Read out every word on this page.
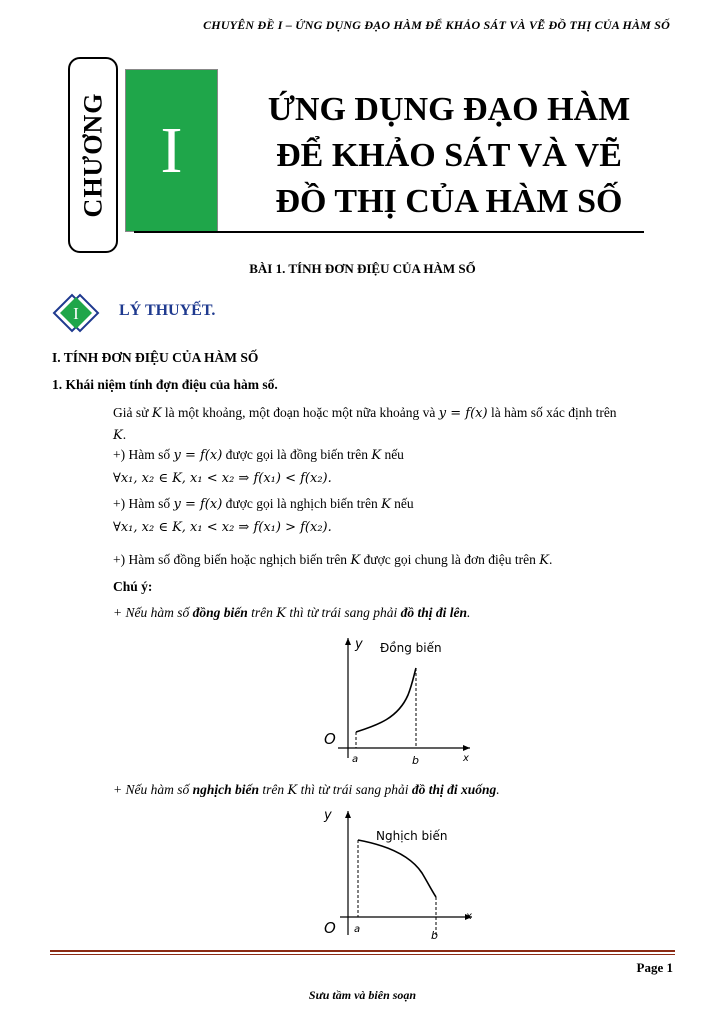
CHUYÊN ĐỀ I – ỨNG DỤNG ĐẠO HÀM ĐỂ KHẢO SÁT VÀ VẼ ĐỒ THỊ CỦA HÀM SỐ
CHƯƠNG I
ỨNG DỤNG ĐẠO HÀM
ĐỂ KHẢO SÁT VÀ VẼ
ĐỒ THỊ CỦA HÀM SỐ
BÀI 1. TÍNH ĐƠN ĐIỆU CỦA HÀM SỐ
I	LÝ THUYẾT.
I. TÍNH ĐƠN ĐIỆU CỦA HÀM SỐ
1. Khái niệm tính đợn điệu của hàm số.
Giả sử K là một khoảng, một đoạn hoặc một nữa khoảng và y = f(x) là hàm số xác định trên
K.
+) Hàm số y = f(x) được gọi là đồng biến trên K nếu
∀x₁, x₂ ∈ K, x₁ < x₂ ⇒ f(x₁) < f(x₂).
+) Hàm số y = f(x) được gọi là nghịch biến trên K nếu
∀x₁, x₂ ∈ K, x₁ < x₂ ⇒ f(x₁) > f(x₂).
+) Hàm số đồng biến hoặc nghịch biến trên K được gọi chung là đơn điệu trên K.
Chú ý:
+ Nếu hàm số đồng biến trên K thì từ trái sang phải đồ thị đi lên.
y Đồng biến
x
O
a	b
+ Nếu hàm số nghịch biến trên K thì từ trái sang phải đồ thị đi xuống.
y
Nghịch biến
x
O a	b
Page 1
Sưu tầm và biên soạn
